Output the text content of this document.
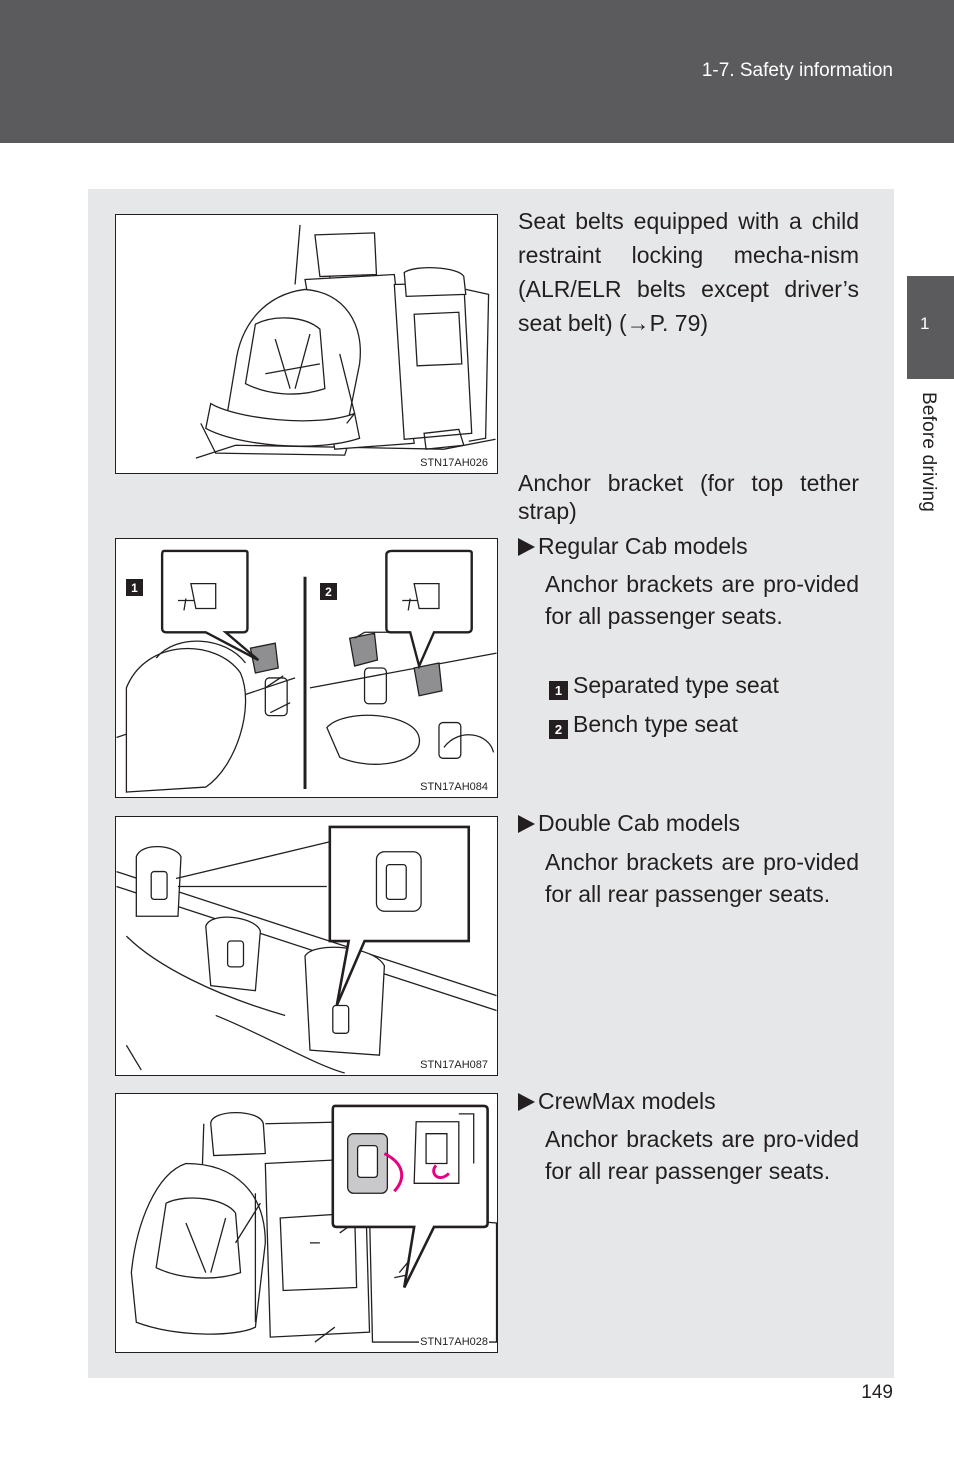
1-7. Safety information
1
Before driving
STN17AH026
1	2
STN17AH084
STN17AH087
STN17AH028
Seat belts equipped with a child restraint locking mecha-nism (ALR/ELR belts except driver’s seat belt) (→P. 79)
Anchor bracket (for top tether strap)
Regular Cab models
Anchor brackets are pro-vided for all passenger seats.
1 Separated type seat
2 Bench type seat
Double Cab models
Anchor brackets are pro-vided for all rear passenger seats.
CrewMax models
Anchor brackets are pro-vided for all rear passenger seats.
149
